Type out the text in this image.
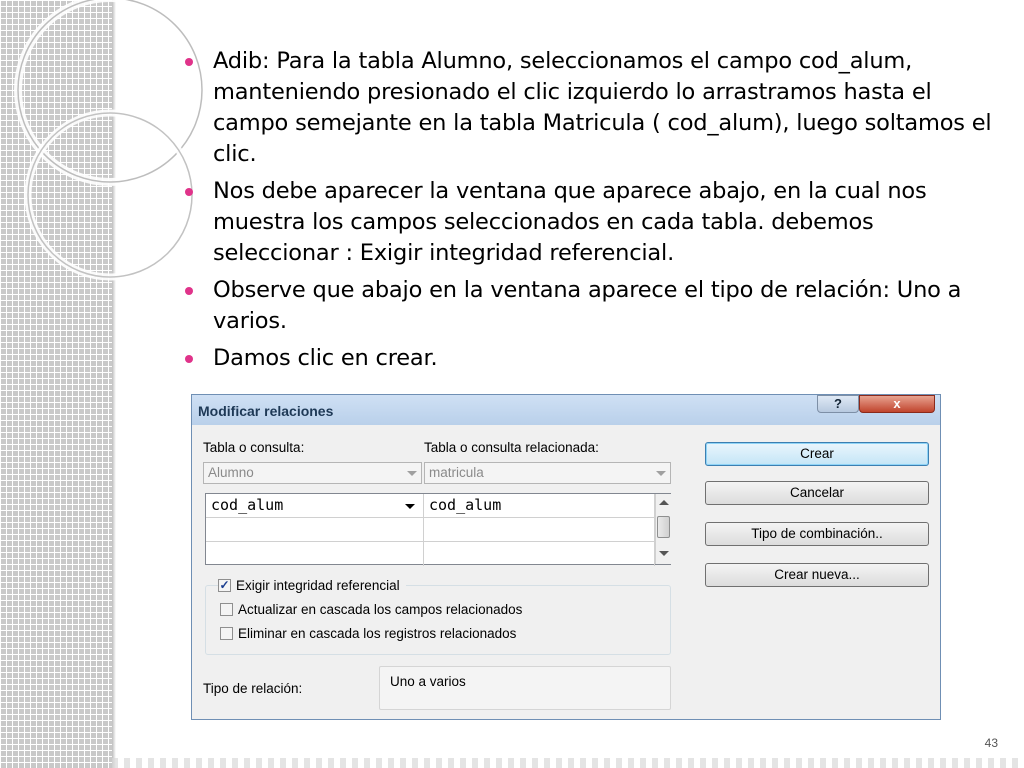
Adib: Para la tabla Alumno, seleccionamos el campo cod_alum, manteniendo presionado el clic izquierdo lo arrastramos hasta el campo semejante en la tabla Matricula ( cod_alum), luego soltamos el clic.
Nos debe aparecer la ventana que aparece abajo, en la cual nos muestra los campos seleccionados en cada tabla. debemos seleccionar : Exigir integridad referencial.
Observe que abajo en la ventana aparece el tipo de relación: Uno a varios.
Damos clic en crear.
Modificar relaciones	?	x
Tabla o consulta:	Tabla o consulta relacionada:
Alumno	matricula
cod_alum	cod_alum
✓ Exigir integridad referencial
Actualizar en cascada los campos relacionados
Eliminar en cascada los registros relacionados
Tipo de relación:	Uno a varios
Crear
Cancelar
Tipo de combinación..
Crear nueva...
43
